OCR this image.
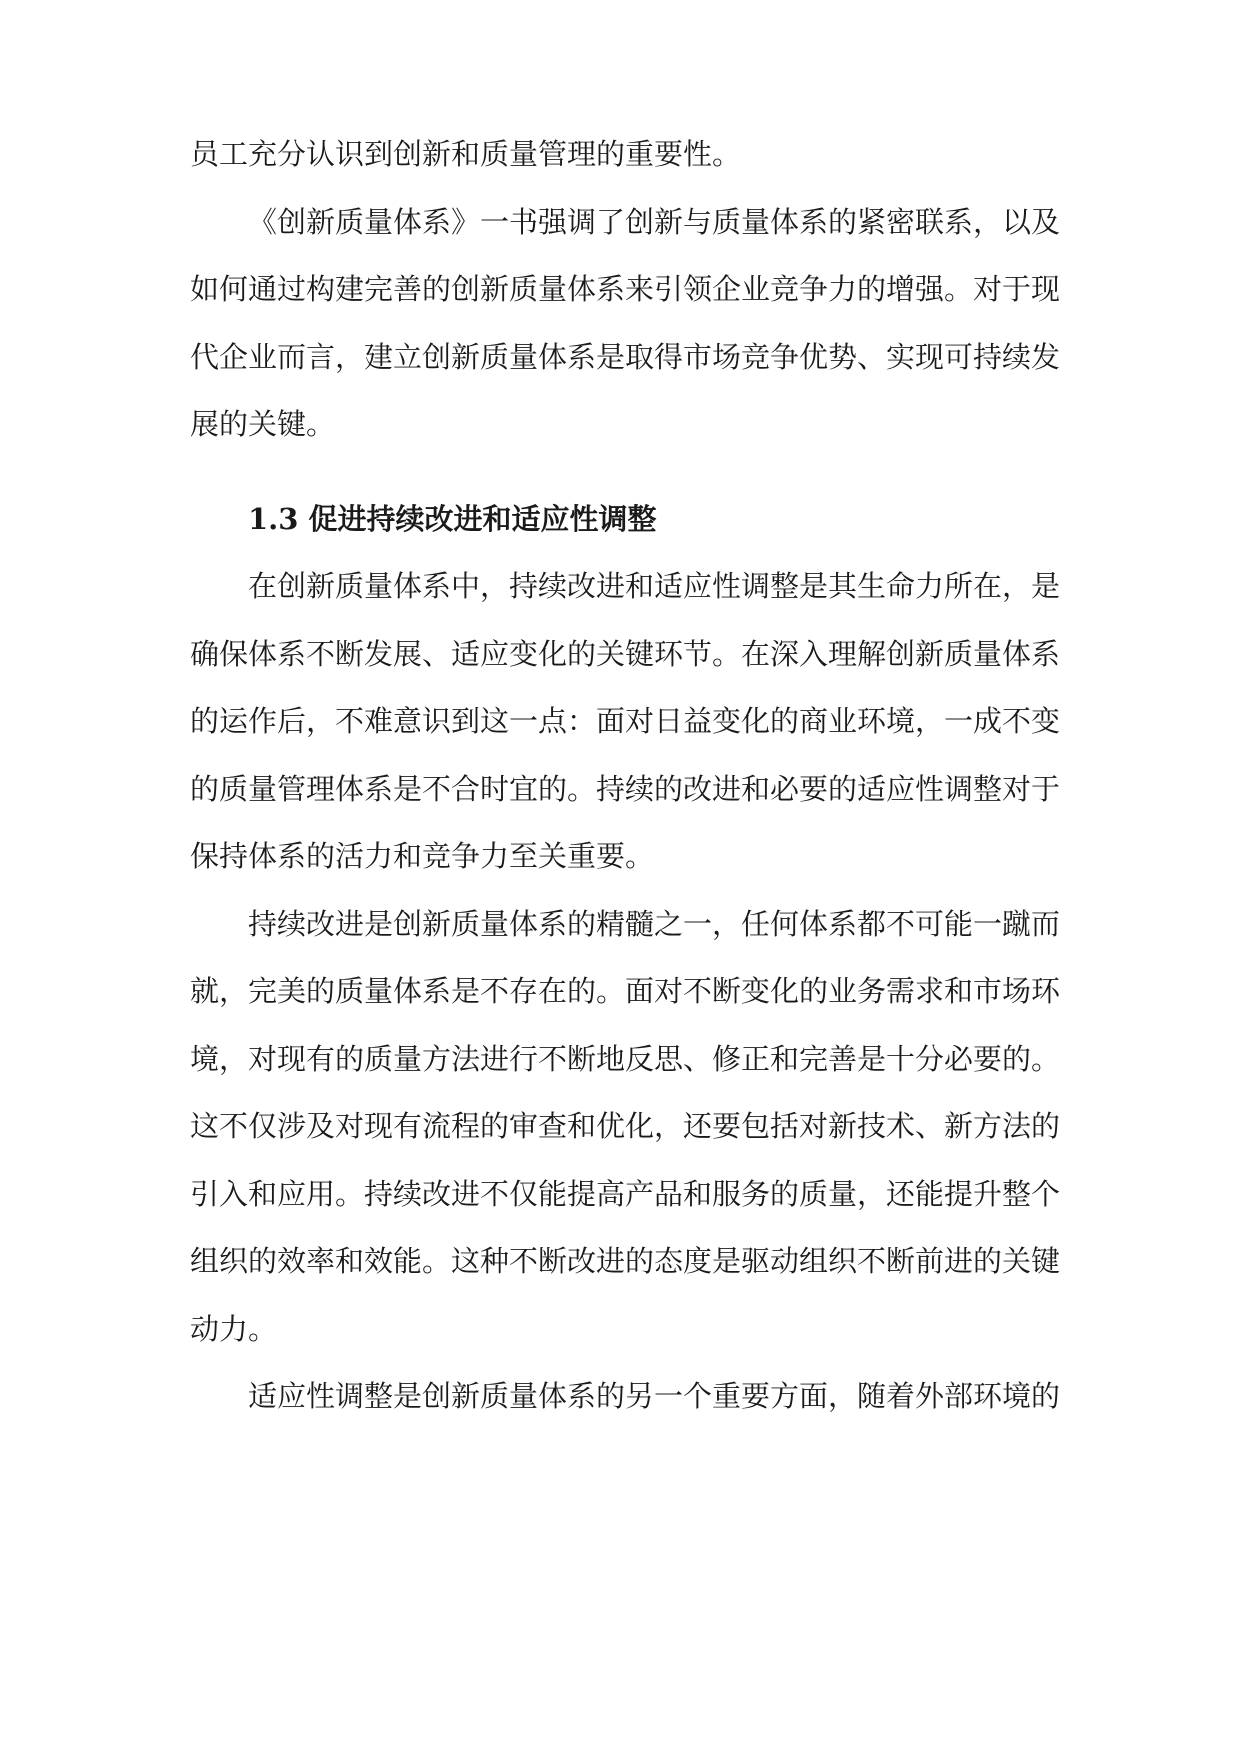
员工充分认识到创新和质量管理的重要性。
《创新质量体系》一书强调了创新与质量体系的紧密联系，以及
如何通过构建完善的创新质量体系来引领企业竞争力的增强。对于现
代企业而言，建立创新质量体系是取得市场竞争优势、实现可持续发
展的关键。
1.3 促进持续改进和适应性调整
在创新质量体系中，持续改进和适应性调整是其生命力所在，是
确保体系不断发展、适应变化的关键环节。在深入理解创新质量体系
的运作后，不难意识到这一点：面对日益变化的商业环境，一成不变
的质量管理体系是不合时宜的。持续的改进和必要的适应性调整对于
保持体系的活力和竞争力至关重要。
持续改进是创新质量体系的精髓之一，任何体系都不可能一蹴而
就，完美的质量体系是不存在的。面对不断变化的业务需求和市场环
境，对现有的质量方法进行不断地反思、修正和完善是十分必要的。
这不仅涉及对现有流程的审查和优化，还要包括对新技术、新方法的
引入和应用。持续改进不仅能提高产品和服务的质量，还能提升整个
组织的效率和效能。这种不断改进的态度是驱动组织不断前进的关键
动力。
适应性调整是创新质量体系的另一个重要方面，随着外部环境的
